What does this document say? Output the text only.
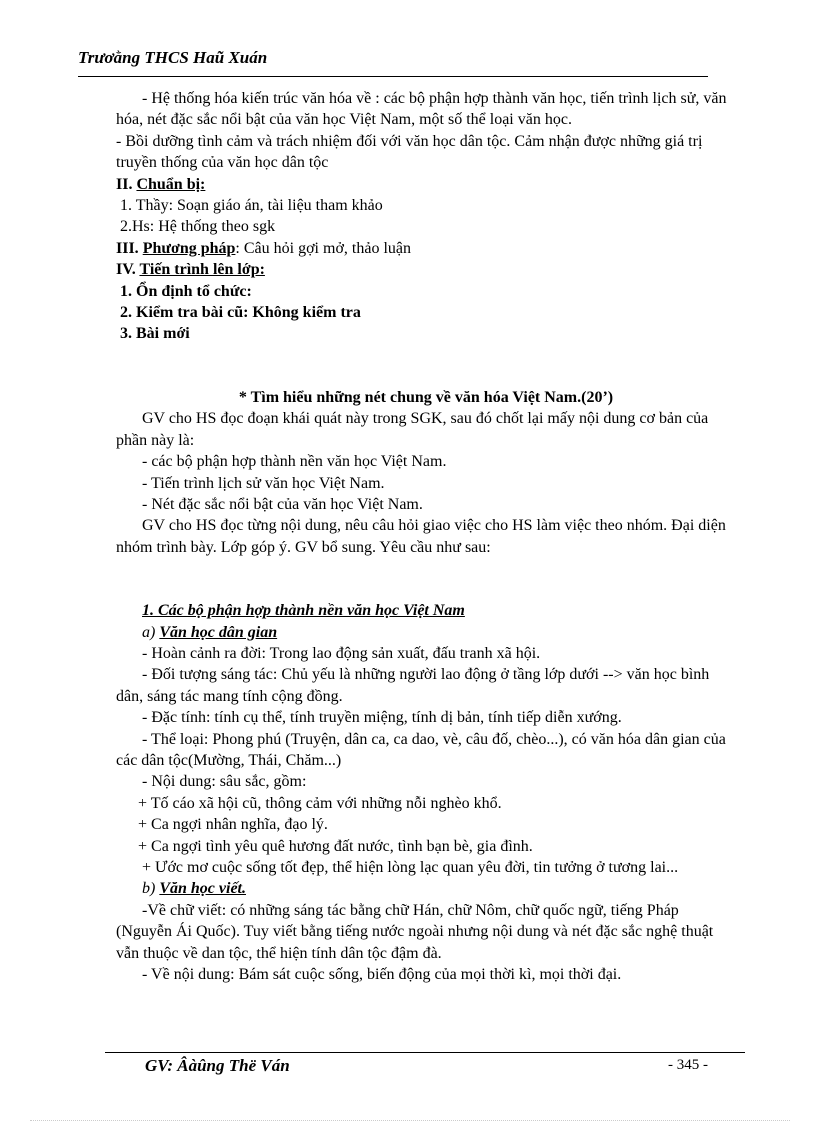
Trươằng THCS Haũ Xuán

- Hệ thống hóa kiến trúc văn hóa về : các bộ phận hợp thành văn học, tiến trình lịch sử, văn hóa, nét đặc sắc nổi bật của văn học Việt Nam, một số thể loại văn học.

- Bồi dưỡng tình cảm và trách nhiệm đối với văn học dân tộc. Cảm nhận được những giá trị truyền thống của văn học dân tộc

II. Chuẩn bị:

1. Thầy: Soạn giáo án, tài liệu tham khảo

2.Hs: Hệ thống theo sgk

III. Phương pháp: Câu hỏi gợi mở, thảo luận

IV. Tiến trình lên lớp:

1. Ổn định tổ chức:

2. Kiểm tra bài cũ: Không kiểm tra

3. Bài mới

* Tìm hiểu những nét chung về văn hóa Việt Nam.(20’)

GV cho HS đọc đoạn khái quát này trong SGK, sau đó chốt lại mấy nội dung cơ bản của phần này là:

- các bộ phận hợp thành nền văn học Việt Nam.

- Tiến trình lịch sử văn học Việt Nam.

- Nét đặc sắc nổi bật của văn học Việt Nam.

GV cho HS đọc từng nội dung, nêu câu hỏi giao việc cho HS làm việc theo nhóm. Đại diện nhóm trình bày. Lớp góp ý. GV bổ sung. Yêu cầu như sau:

1. Các bộ phận hợp thành nền văn học Việt Nam

a) Văn học dân gian

- Hoàn cảnh ra đời: Trong lao động sản xuất, đấu tranh xã hội.

- Đối tượng sáng tác: Chủ yếu là những người lao động ở tầng lớp dưới --> văn học bình dân, sáng tác mang tính cộng đồng.

- Đặc tính: tính cụ thể, tính truyền miệng, tính dị bản, tính tiếp diễn xướng.

- Thể loại: Phong phú (Truyện, dân ca, ca dao, vè, câu đố, chèo...), có văn hóa dân gian của các dân tộc(Mường, Thái, Chăm...)

- Nội dung: sâu sắc, gồm:

+ Tố cáo xã hội cũ, thông cảm với những nỗi nghèo khổ.

+ Ca ngợi nhân nghĩa, đạo lý.

+ Ca ngợi tình yêu quê hương đất nước, tình bạn bè, gia đình.

+ Ước mơ cuộc sống tốt đẹp, thể hiện lòng lạc quan yêu đời, tin tưởng ở tương lai...

b) Văn học viết.

-Về chữ viết: có những sáng tác bằng chữ Hán, chữ Nôm, chữ quốc ngữ, tiếng Pháp (Nguyễn Ái Quốc). Tuy viết bằng tiếng nước ngoài nhưng nội dung và nét đặc sắc nghệ thuật vẫn thuộc về dan tộc, thể hiện tính dân tộc đậm đà.

- Về nội dung: Bám sát cuộc sống, biến động của mọi thời kì, mọi thời đại.

GV: Âàûng Thë Ván	- 345 -
